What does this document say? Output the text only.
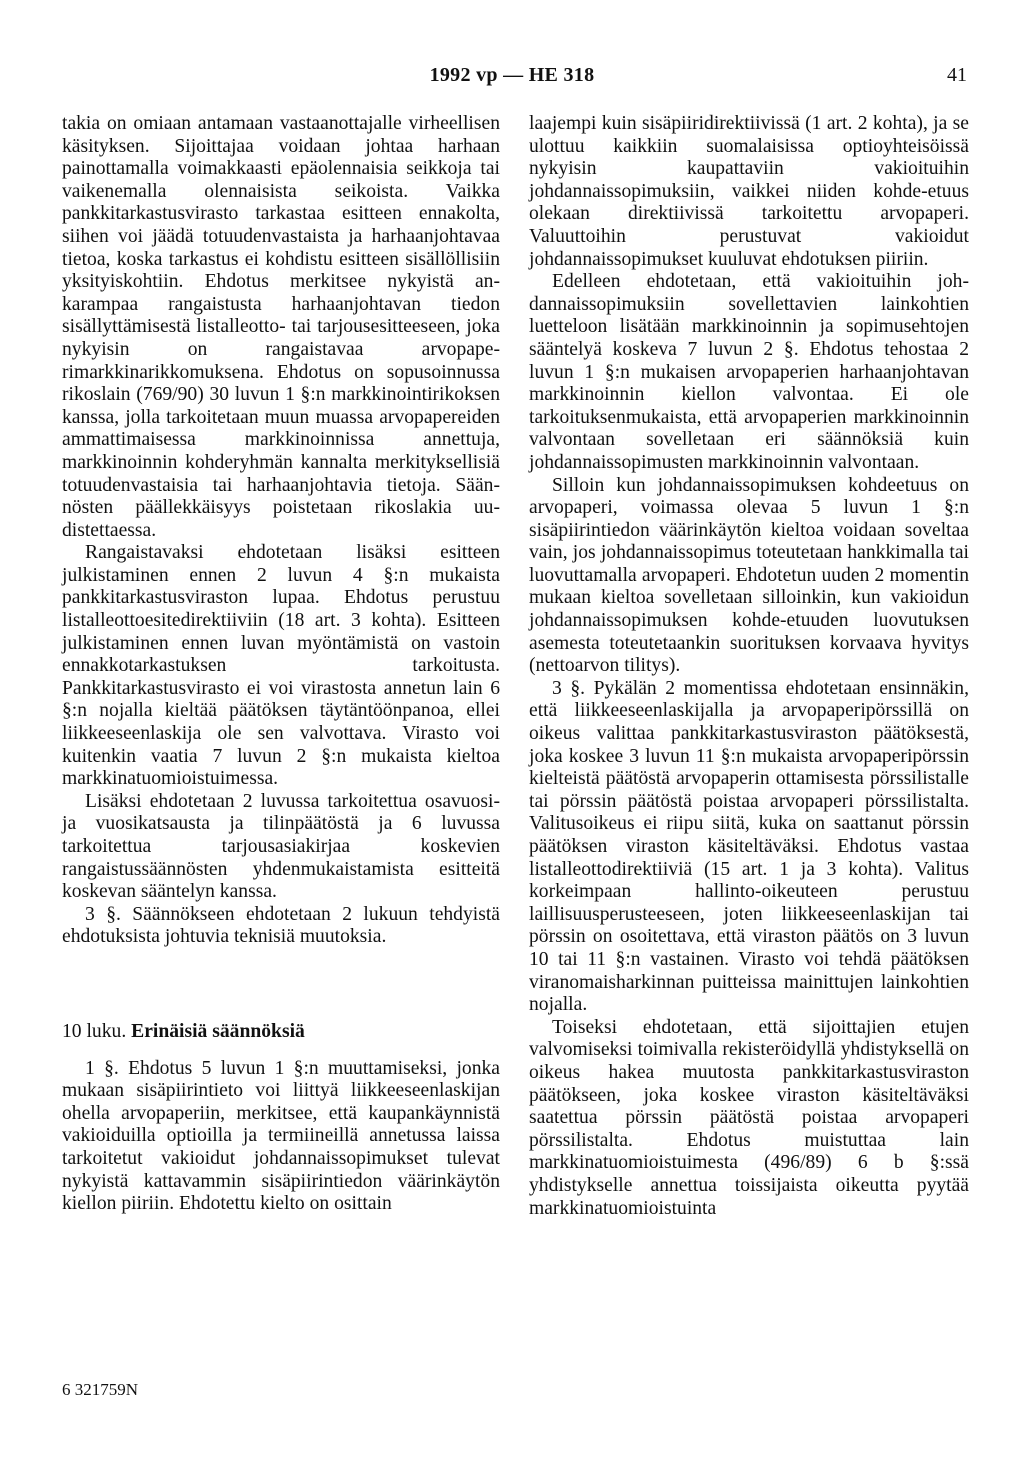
1992 vp — HE 318	41

takia on omiaan antamaan vastaanottajalle virheellisen käsityksen. Sijoittajaa voidaan johtaa harhaan painottamalla voimakkaasti epäolennaisia seikkoja tai vaikenemalla olennaisista seikoista. Vaikka pankkitarkastusvirasto tarkastaa esitteen ennakolta, siihen voi jäädä totuudenvastaista ja harhaanjohtavaa tietoa, koska tarkastus ei kohdistu esitteen sisällöllisiin yksityiskohtiin. Ehdotus merkitsee nykyistä ankarampaa rangaistusta harhaanjohtavan tiedon sisällyttämisestä listalleotto- tai tarjousesitteeseen, joka nykyisin on rangaistavaa arvopaperimarkkinarikkomuksena. Ehdotus on sopusoinnussa rikoslain (769/90) 30 luvun 1 §:n markkinointirikoksen kanssa, jolla tarkoitetaan muun muassa arvopapereiden ammattimaisessa markkinoinnissa annettuja, markkinoinnin kohderyhmän kannalta merkityksellisiä totuudenvastaisia tai harhaanjohtavia tietoja. Säännösten päällekkäisyys poistetaan rikoslakia uudistettaessa.

Rangaistavaksi ehdotetaan lisäksi esitteen julkistaminen ennen 2 luvun 4 §:n mukaista pankkitarkastusviraston lupaa. Ehdotus perustuu listalleottoesitedirektiiviin (18 art. 3 kohta). Esitteen julkistaminen ennen luvan myöntämistä on vastoin ennakkotarkastuksen tarkoitusta. Pankkitarkastusvirasto ei voi virastosta annetun lain 6 §:n nojalla kieltää päätöksen täytäntöönpanoa, ellei liikkeeseenlaskija ole sen valvottava. Virasto voi kuitenkin vaatia 7 luvun 2 §:n mukaista kieltoa markkinatuomioistuimessa.

Lisäksi ehdotetaan 2 luvussa tarkoitettua osavuosi- ja vuosikatsausta ja tilinpäätöstä ja 6 luvussa tarkoitettua tarjousasiakirjaa koskevien rangaistussäännösten yhdenmukaistamista esitteitä koskevan sääntelyn kanssa.

3 §. Säännökseen ehdotetaan 2 lukuun tehdyistä ehdotuksista johtuvia teknisiä muutoksia.

10 luku. Erinäisiä säännöksiä

1 §. Ehdotus 5 luvun 1 §:n muuttamiseksi, jonka mukaan sisäpiirintieto voi liittyä liikkeeseenlaskijan ohella arvopaperiin, merkitsee, että kaupankäynnistä vakioiduilla optioilla ja termiineillä annetussa laissa tarkoitetut vakioidut johdannaissopimukset tulevat nykyistä kattavammin sisäpiirintiedon väärinkäytön kiellon piiriin. Ehdotettu kielto on osittain

laajempi kuin sisäpiiridirektiivissä (1 art. 2 kohta), ja se ulottuu kaikkiin suomalaisissa optioyhteisöissä nykyisin kaupattaviin vakioituihin johdannaissopimuksiin, vaikkei niiden kohde-etuus olekaan direktiivissä tarkoitettu arvopaperi. Valuuttoihin perustuvat vakioidut johdannaissopimukset kuuluvat ehdotuksen piiriin.

Edelleen ehdotetaan, että vakioituihin johdannaissopimuksiin sovellettavien lainkohtien luetteloon lisätään markkinoinnin ja sopimusehtojen sääntelyä koskeva 7 luvun 2 §. Ehdotus tehostaa 2 luvun 1 §:n mukaisen arvopaperien harhaanjohtavan markkinoinnin kiellon valvontaa. Ei ole tarkoituksenmukaista, että arvopaperien markkinoinnin valvontaan sovelletaan eri säännöksiä kuin johdannaissopimusten markkinoinnin valvontaan.

Silloin kun johdannaissopimuksen kohdeetuus on arvopaperi, voimassa olevaa 5 luvun 1 §:n sisäpiirintiedon väärinkäytön kieltoa voidaan soveltaa vain, jos johdannaissopimus toteutetaan hankkimalla tai luovuttamalla arvopaperi. Ehdotetun uuden 2 momentin mukaan kieltoa sovelletaan silloinkin, kun vakioidun johdannaissopimuksen kohde-etuuden luovutuksen asemesta toteutetaankin suorituksen korvaava hyvitys (nettoarvon tilitys).

3 §. Pykälän 2 momentissa ehdotetaan ensinnäkin, että liikkeeseenlaskijalla ja arvopaperipörssillä on oikeus valittaa pankkitarkastusviraston päätöksestä, joka koskee 3 luvun 11 §:n mukaista arvopaperipörssin kielteistä päätöstä arvopaperin ottamisesta pörssilistalle tai pörssin päätöstä poistaa arvopaperi pörssilistalta. Valitusoikeus ei riipu siitä, kuka on saattanut pörssin päätöksen viraston käsiteltäväksi. Ehdotus vastaa listalleottodirektiiviä (15 art. 1 ja 3 kohta). Valitus korkeimpaan hallinto-oikeuteen perustuu laillisuusperusteeseen, joten liikkeeseenlaskijan tai pörssin on osoitettava, että viraston päätös on 3 luvun 10 tai 11 §:n vastainen. Virasto voi tehdä päätöksen viranomaisharkinnan puitteissa mainittujen lainkohtien nojalla.

Toiseksi ehdotetaan, että sijoittajien etujen valvomiseksi toimivalla rekisteröidyllä yhdistyksellä on oikeus hakea muutosta pankkitarkastusviraston päätökseen, joka koskee viraston käsiteltäväksi saatettua pörssin päätöstä poistaa arvopaperi pörssilistalta. Ehdotus muistuttaa lain markkinatuomioistuimesta (496/89) 6 b §:ssä yhdistykselle annettua toissijaista oikeutta pyytää markkinatuomioistuinta

6 321759N
